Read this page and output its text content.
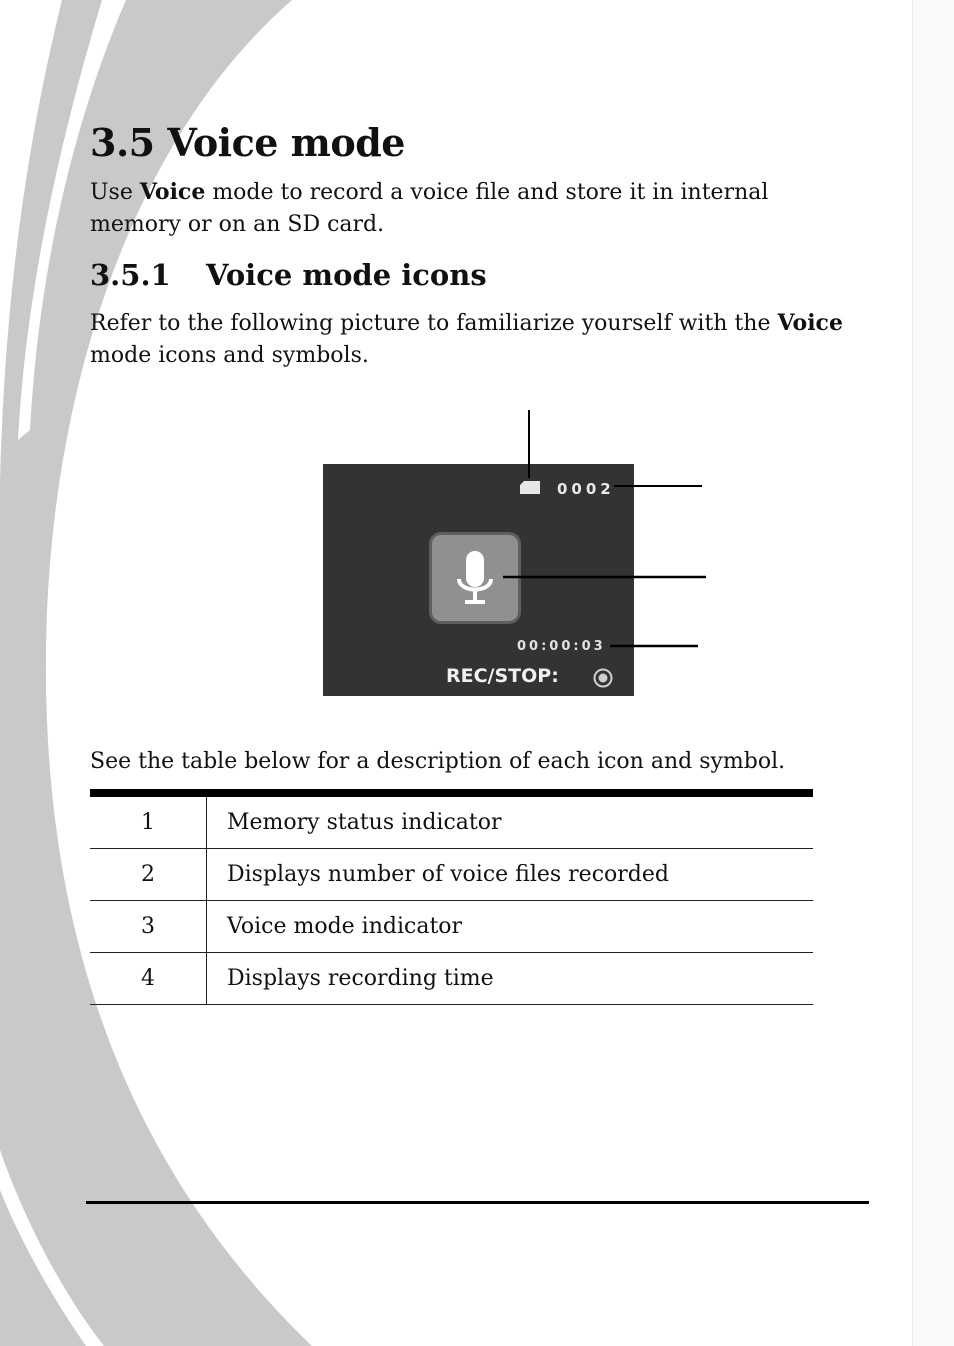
3.5 Voice mode

Use Voice mode to record a voice file and store it in internal memory or on an SD card.

3.5.1 Voice mode icons

Refer to the following picture to familiarize yourself with the Voice mode icons and symbols.

0002
00:00:03
REC/STOP:

See the table below for a description of each icon and symbol.

1	Memory status indicator
2	Displays number of voice files recorded
3	Voice mode indicator
4	Displays recording time
